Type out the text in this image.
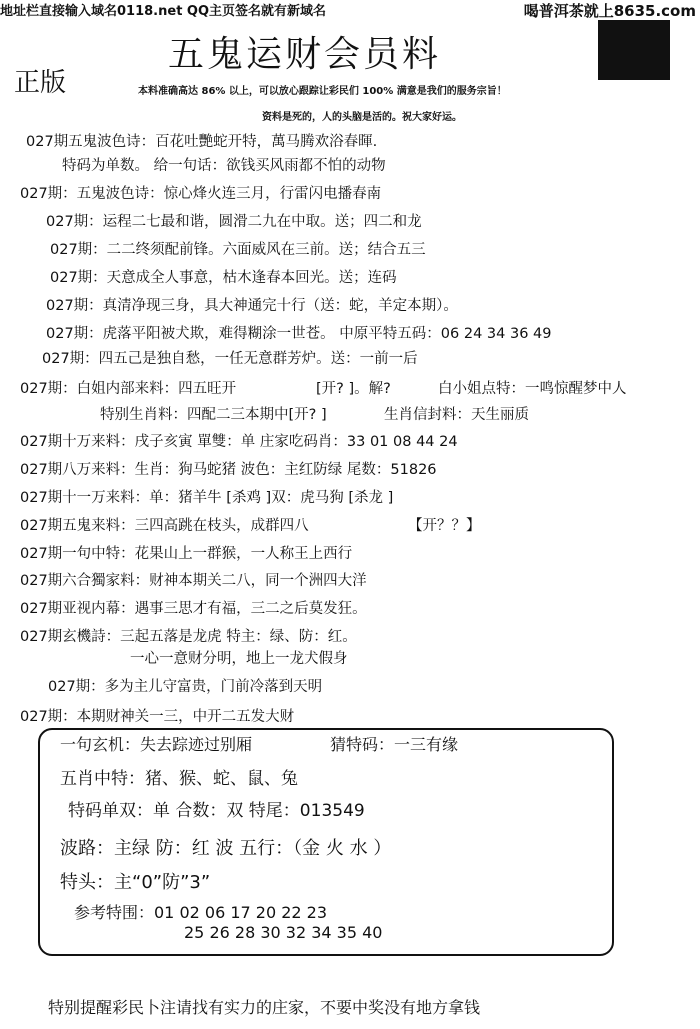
地址栏直接输入域名0118.net QQ主页签名就有新域名	喝普洱茶就上8635.com
五鬼运财会员料
正版	本料准确高达 86% 以上，可以放心跟踪让彩民们 100% 满意是我们的服务宗旨！
资料是死的，人的头脑是活的。祝大家好运。
027期五鬼波色诗：百花吐艷蛇开特，萬马腾欢浴春暉.
特码为单数。 给一句话：欲钱买风雨都不怕的动物
027期：五鬼波色诗：惊心烽火连三月，行雷闪电播春南
027期：运程二七最和谐，圆滑二九在中取。送；四二和龙
027期：二二终须配前锋。六面威风在三前。送；结合五三
027期：天意成全人事意，枯木逢春本回光。送；连码
027期：真清净现三身，具大神通完十行（送：蛇，羊定本期）。
027期：虎落平阳被犬欺，难得糊涂一世苍。 中原平特五码：06 24 34 36 49
027期：四五己是独自愁，一任无意群芳炉。送：一前一后
027期：白姐内部来料：四五旺开	[开? ]。解?	白小姐点特：一鸣惊醒梦中人
特别生肖料：四配二三本期中[开? ]	生肖信封料：天生丽质
027期十万来料：戌子亥寅 單雙：单 庄家吃码肖：33 01 08 44 24
027期八万来料：生肖：狗马蛇猪 波色：主红防绿 尾数：51826
027期十一万来料：单：猪羊牛 [杀鸡 ]双：虎马狗 [杀龙 ]
027期五鬼来料：三四高跳在枝头，成群四八	【开？？】
027期一句中特：花果山上一群猴，一人称王上西行
027期六合獨家料：财神本期关二八，同一个洲四大洋
027期亚视内幕：遇事三思才有福，三二之后莫发狂。
027期玄機詩：三起五落是龙虎 特主：绿、防：红。
一心一意财分明，地上一龙犬假身
027期：多为主儿守富贵，门前冷落到天明
027期：本期财神关一三，中开二五发大财
一句玄机：失去踪迹过别厢	猜特码：一三有缘
五肖中特：猪、猴、蛇、鼠、兔
特码单双：单 合数：双 特尾：013549
波路：主绿 防：红 波 五行：（金 火 水 ）
特头：主“0”防”3”
参考特围：01 02 06 17 20 22 23
25 26 28 30 32 34 35 40
特别提醒彩民卜注请找有实力的庄家，不要中奖没有地方拿钱
